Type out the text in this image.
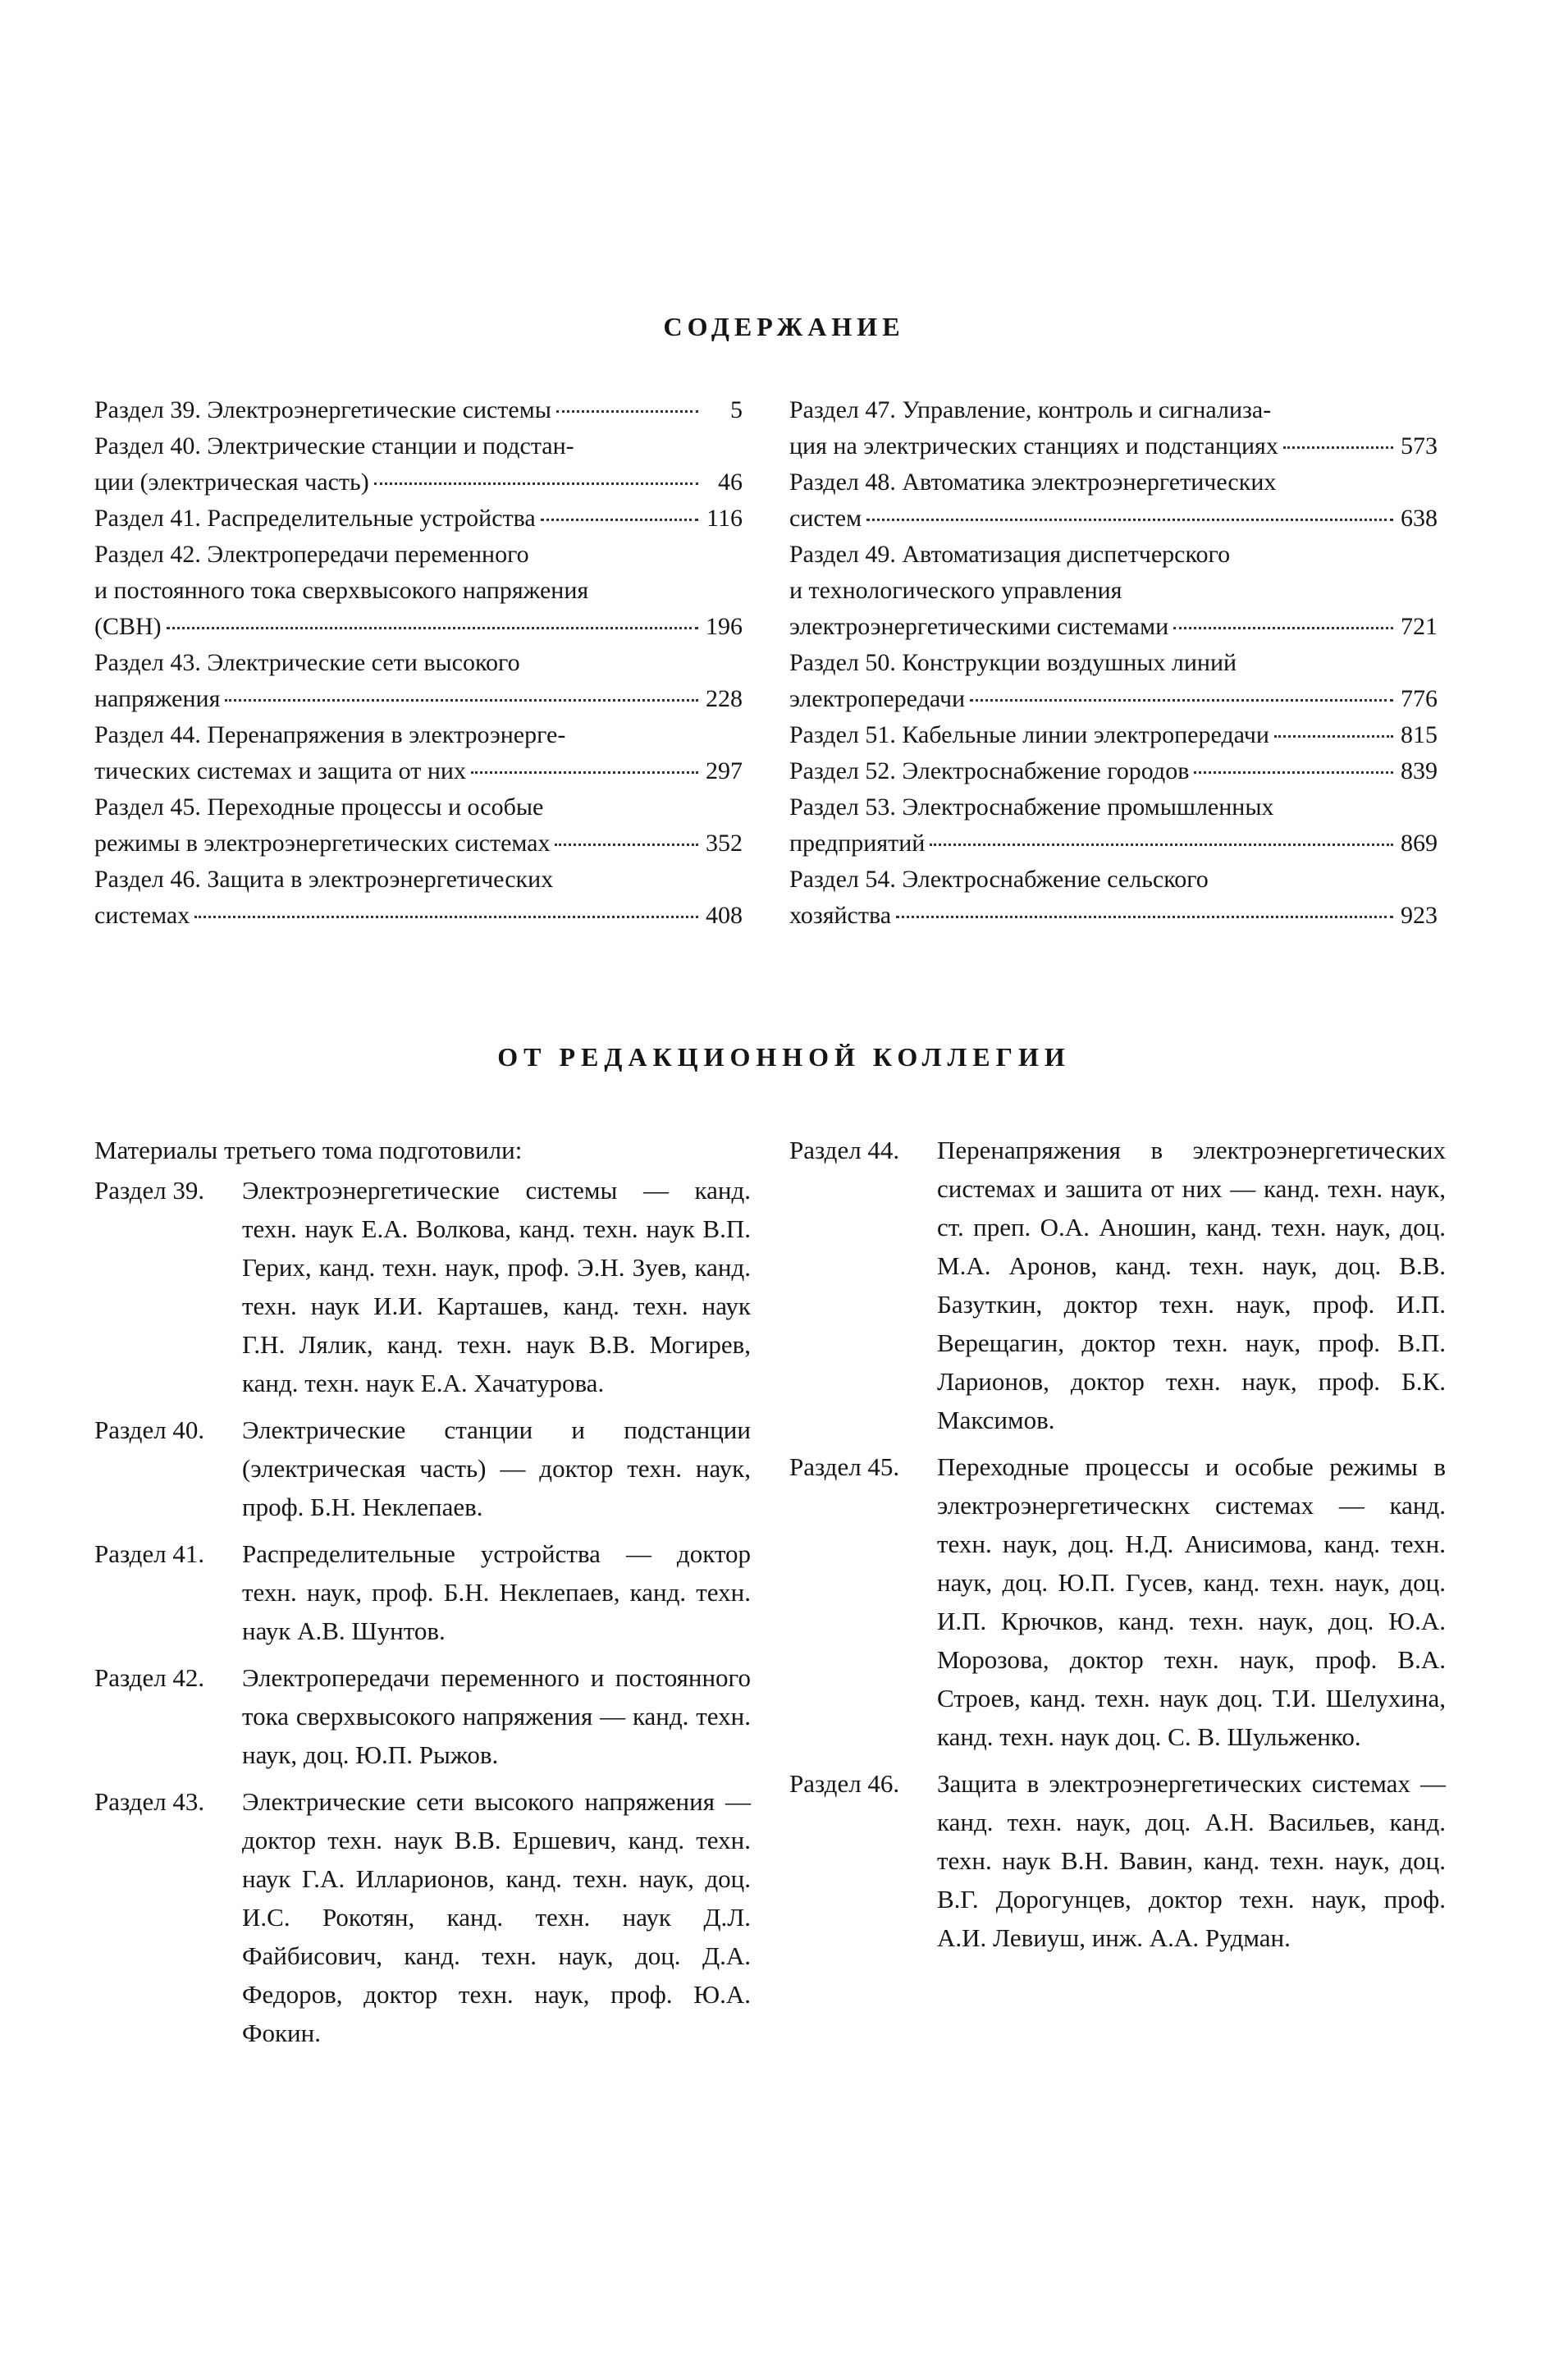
СОДЕРЖАНИЕ
Раздел 39. Электроэнергетические системы	5
Раздел 40. Электрические станции и подстан-
ции (электрическая часть)	46
Раздел 41. Распределительные устройства	116
Раздел 42. Электропередачи переменного
и постоянного тока сверхвысокого напряжения
(СВН)	196
Раздел 43. Электрические сети высокого
напряжения	228
Раздел 44. Перенапряжения в электроэнерге-
тических системах и защита от них	297
Раздел 45. Переходные процессы и особые
режимы в электроэнергетических системах	352
Раздел 46. Защита в электроэнергетических
системах	408
Раздел 47. Управление, контроль и сигнализа-
ция на электрических станциях и подстанциях	573
Раздел 48. Автоматика электроэнергетических
систем	638
Раздел 49. Автоматизация диспетчерского
и технологического управления
электроэнергетическими системами	721
Раздел 50. Конструкции воздушных линий
электропередачи	776
Раздел 51. Кабельные линии электропередачи	815
Раздел 52. Электроснабжение городов	839
Раздел 53. Электроснабжение промышленных
предприятий	869
Раздел 54. Электроснабжение сельского
хозяйства	923
ОТ РЕДАКЦИОННОЙ КОЛЛЕГИИ

Материалы третьего тома подготовили:

Раздел 39.	Электроэнергетические системы — канд. техн. наук Е.А. Волкова, канд. техн. наук В.П. Герих, канд. техн. наук, проф. Э.Н. Зуев, канд. техн. наук И.И. Карташев, канд. техн. наук Г.Н. Лялик, канд. техн. наук В.В. Могирев, канд. техн. наук Е.А. Хачатурова.
Раздел 40.	Электрические станции и подстанции (электрическая часть) — доктор техн. наук, проф. Б.Н. Неклепаев.
Раздел 41.	Распределительные устройства — доктор техн. наук, проф. Б.Н. Неклепаев, канд. техн. наук А.В. Шунтов.
Раздел 42.	Электропередачи переменного и постоянного тока сверхвысокого напряжения — канд. техн. наук, доц. Ю.П. Рыжов.
Раздел 43.	Электрические сети высокого напряжения — доктор техн. наук В.В. Ершевич, канд. техн. наук Г.А. Илларионов, канд. техн. наук, доц. И.С. Рокотян, канд. техн. наук Д.Л. Файбисович, канд. техн. наук, доц. Д.А. Федоров, доктор техн. наук, проф. Ю.А. Фокин.
Раздел 44.	Перенапряжения в электроэнергетических системах и зашита от них — канд. техн. наук, ст. преп. О.А. Аношин, канд. техн. наук, доц. М.А. Аронов, канд. техн. наук, доц. В.В. Базуткин, доктор техн. наук, проф. И.П. Верещагин, доктор техн. наук, проф. В.П. Ларионов, доктор техн. наук, проф. Б.К. Максимов.
Раздел 45.	Переходные процессы и особые режимы в электроэнергетическнх системах — канд. техн. наук, доц. Н.Д. Анисимова, канд. техн. наук, доц. Ю.П. Гусев, канд. техн. наук, доц. И.П. Крючков, канд. техн. наук, доц. Ю.А. Морозова, доктор техн. наук, проф. В.А. Строев, канд. техн. наук доц. Т.И. Шелухина, канд. техн. наук доц. С. В. Шульженко.
Раздел 46.	Защита в электроэнергетических системах — канд. техн. наук, доц. А.Н. Васильев, канд. техн. наук В.Н. Вавин, канд. техн. наук, доц. В.Г. Дорогунцев, доктор техн. наук, проф. А.И. Левиуш, инж. А.А. Рудман.
